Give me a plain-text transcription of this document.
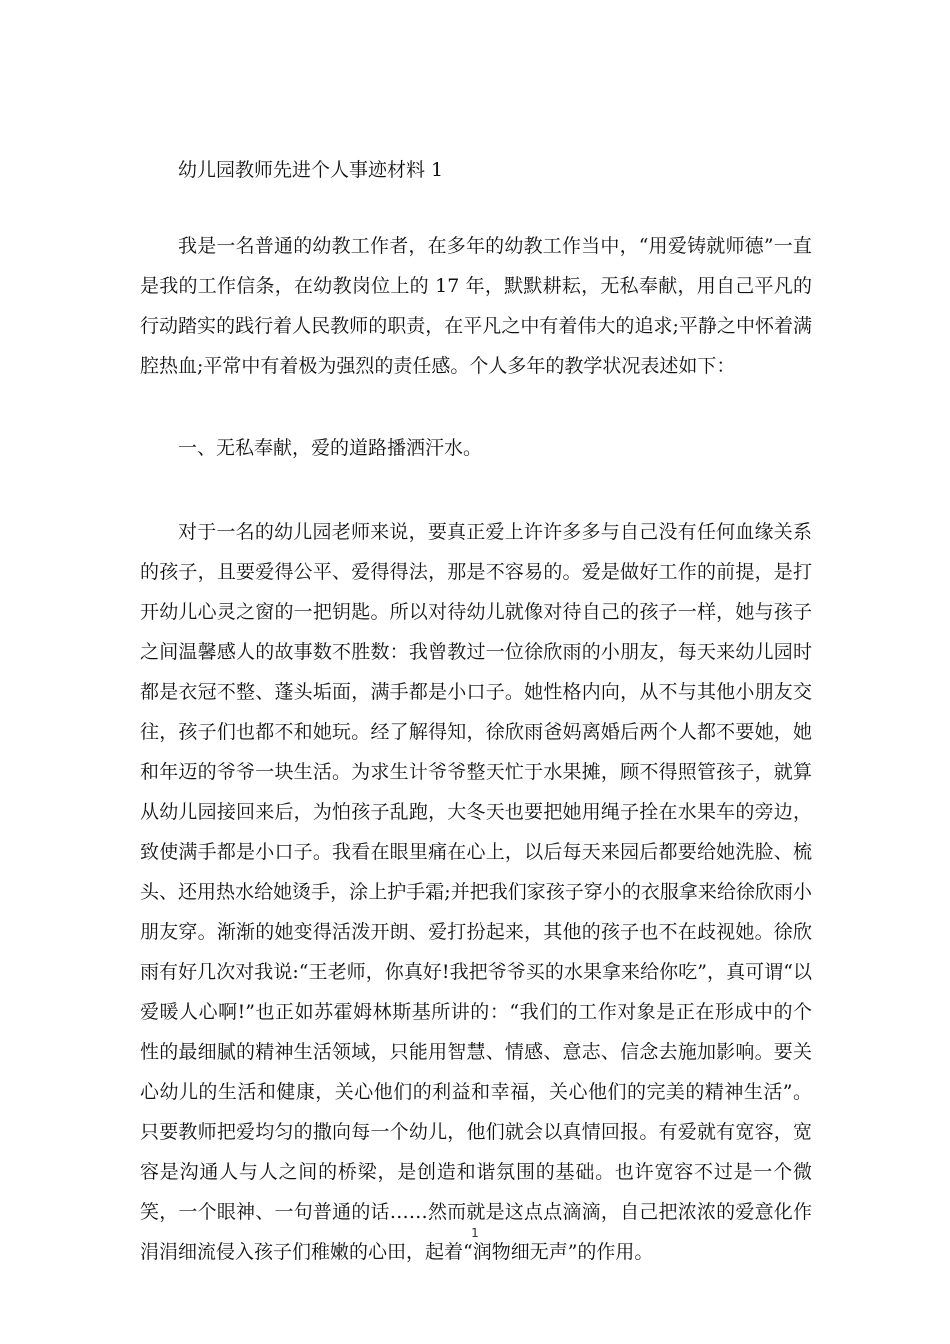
幼儿园教师先进个人事迹材料 1

我是一名普通的幼教工作者，在多年的幼教工作当中，“用爱铸就师德”一直是我的工作信条，在幼教岗位上的 17 年，默默耕耘，无私奉献，用自己平凡的行动踏实的践行着人民教师的职责，在平凡之中有着伟大的追求;平静之中怀着满腔热血;平常中有着极为强烈的责任感。个人多年的教学状况表述如下：

一、无私奉献，爱的道路播洒汗水。

对于一名的幼儿园老师来说，要真正爱上许许多多与自己没有任何血缘关系的孩子，且要爱得公平、爱得得法，那是不容易的。爱是做好工作的前提，是打开幼儿心灵之窗的一把钥匙。所以对待幼儿就像对待自己的孩子一样，她与孩子之间温馨感人的故事数不胜数：我曾教过一位徐欣雨的小朋友，每天来幼儿园时都是衣冠不整、蓬头垢面，满手都是小口子。她性格内向，从不与其他小朋友交往，孩子们也都不和她玩。经了解得知，徐欣雨爸妈离婚后两个人都不要她，她和年迈的爷爷一块生活。为求生计爷爷整天忙于水果摊，顾不得照管孩子，就算从幼儿园接回来后，为怕孩子乱跑，大冬天也要把她用绳子拴在水果车的旁边，致使满手都是小口子。我看在眼里痛在心上，以后每天来园后都要给她洗脸、梳头、还用热水给她烫手，涂上护手霜;并把我们家孩子穿小的衣服拿来给徐欣雨小朋友穿。渐渐的她变得活泼开朗、爱打扮起来，其他的孩子也不在歧视她。徐欣雨有好几次对我说:“王老师，你真好!我把爷爷买的水果拿来给你吃”，真可谓“以爱暖人心啊!”也正如苏霍姆林斯基所讲的：“我们的工作对象是正在形成中的个性的最细腻的精神生活领域，只能用智慧、情感、意志、信念去施加影响。要关心幼儿的生活和健康，关心他们的利益和幸福，关心他们的完美的精神生活”。只要教师把爱均匀的撒向每一个幼儿，他们就会以真情回报。有爱就有宽容，宽容是沟通人与人之间的桥梁，是创造和谐氛围的基础。也许宽容不过是一个微笑，一个眼神、一句普通的话……然而就是这点点滴滴，自己把浓浓的爱意化作涓涓细流侵入孩子们稚嫩的心田，起着“润物细无声”的作用。

1
